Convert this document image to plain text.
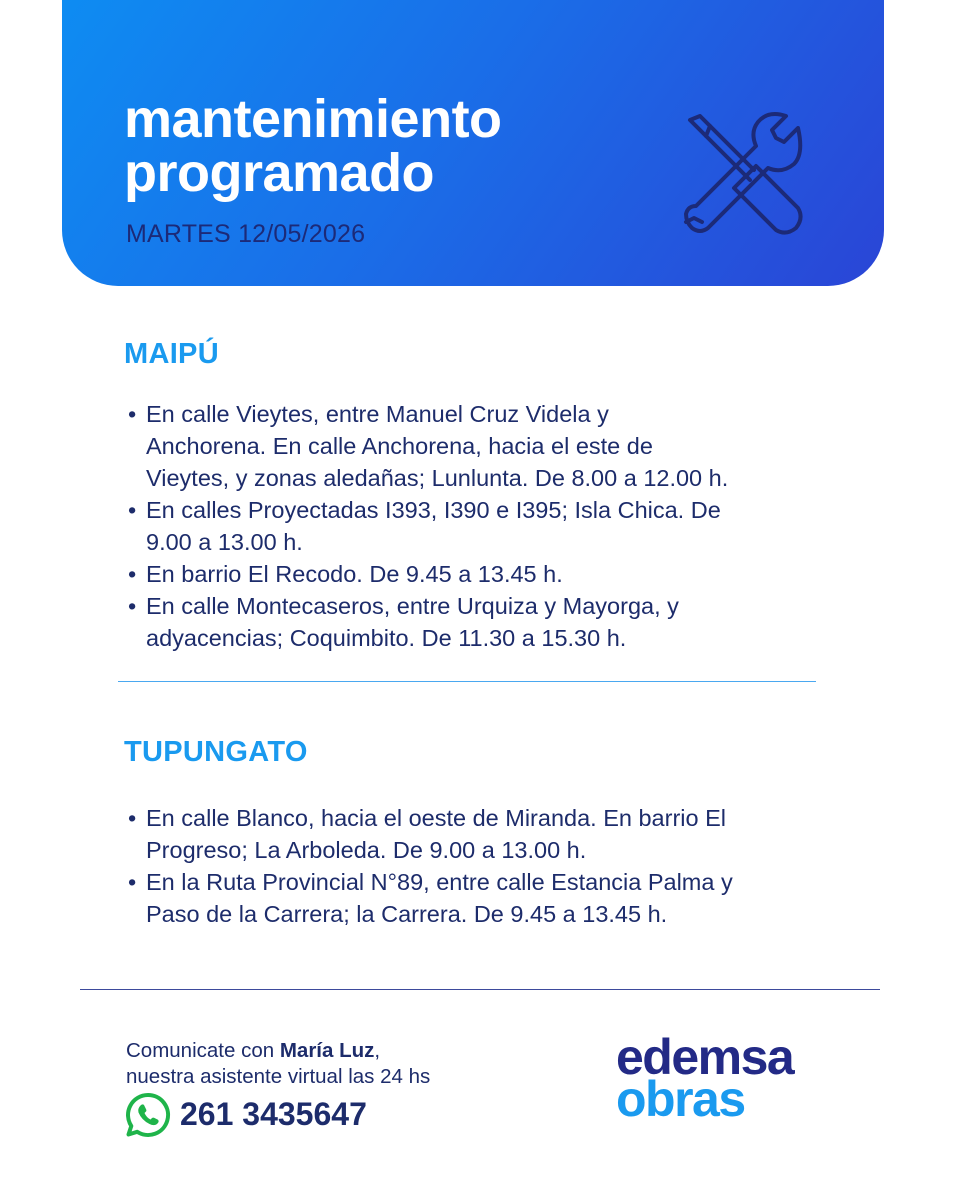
mantenimiento
programado
MARTES 12/05/2026
MAIPÚ
• En calle Vieytes, entre Manuel Cruz Videla y
Anchorena. En calle Anchorena, hacia el este de
Vieytes, y zonas aledañas; Lunlunta. De 8.00 a 12.00 h.
• En calles Proyectadas I393, I390 e I395; Isla Chica. De
9.00 a 13.00 h.
• En barrio El Recodo. De 9.45 a 13.45 h.
• En calle Montecaseros, entre Urquiza y Mayorga, y
adyacencias; Coquimbito. De 11.30 a 15.30 h.
TUPUNGATO
• En calle Blanco, hacia el oeste de Miranda. En barrio El
Progreso; La Arboleda. De 9.00 a 13.00 h.
• En la Ruta Provincial N°89, entre calle Estancia Palma y
Paso de la Carrera; la Carrera. De 9.45 a 13.45 h.
Comunicate con María Luz,
nuestra asistente virtual las 24 hs
261 3435647
edemsa
obras
